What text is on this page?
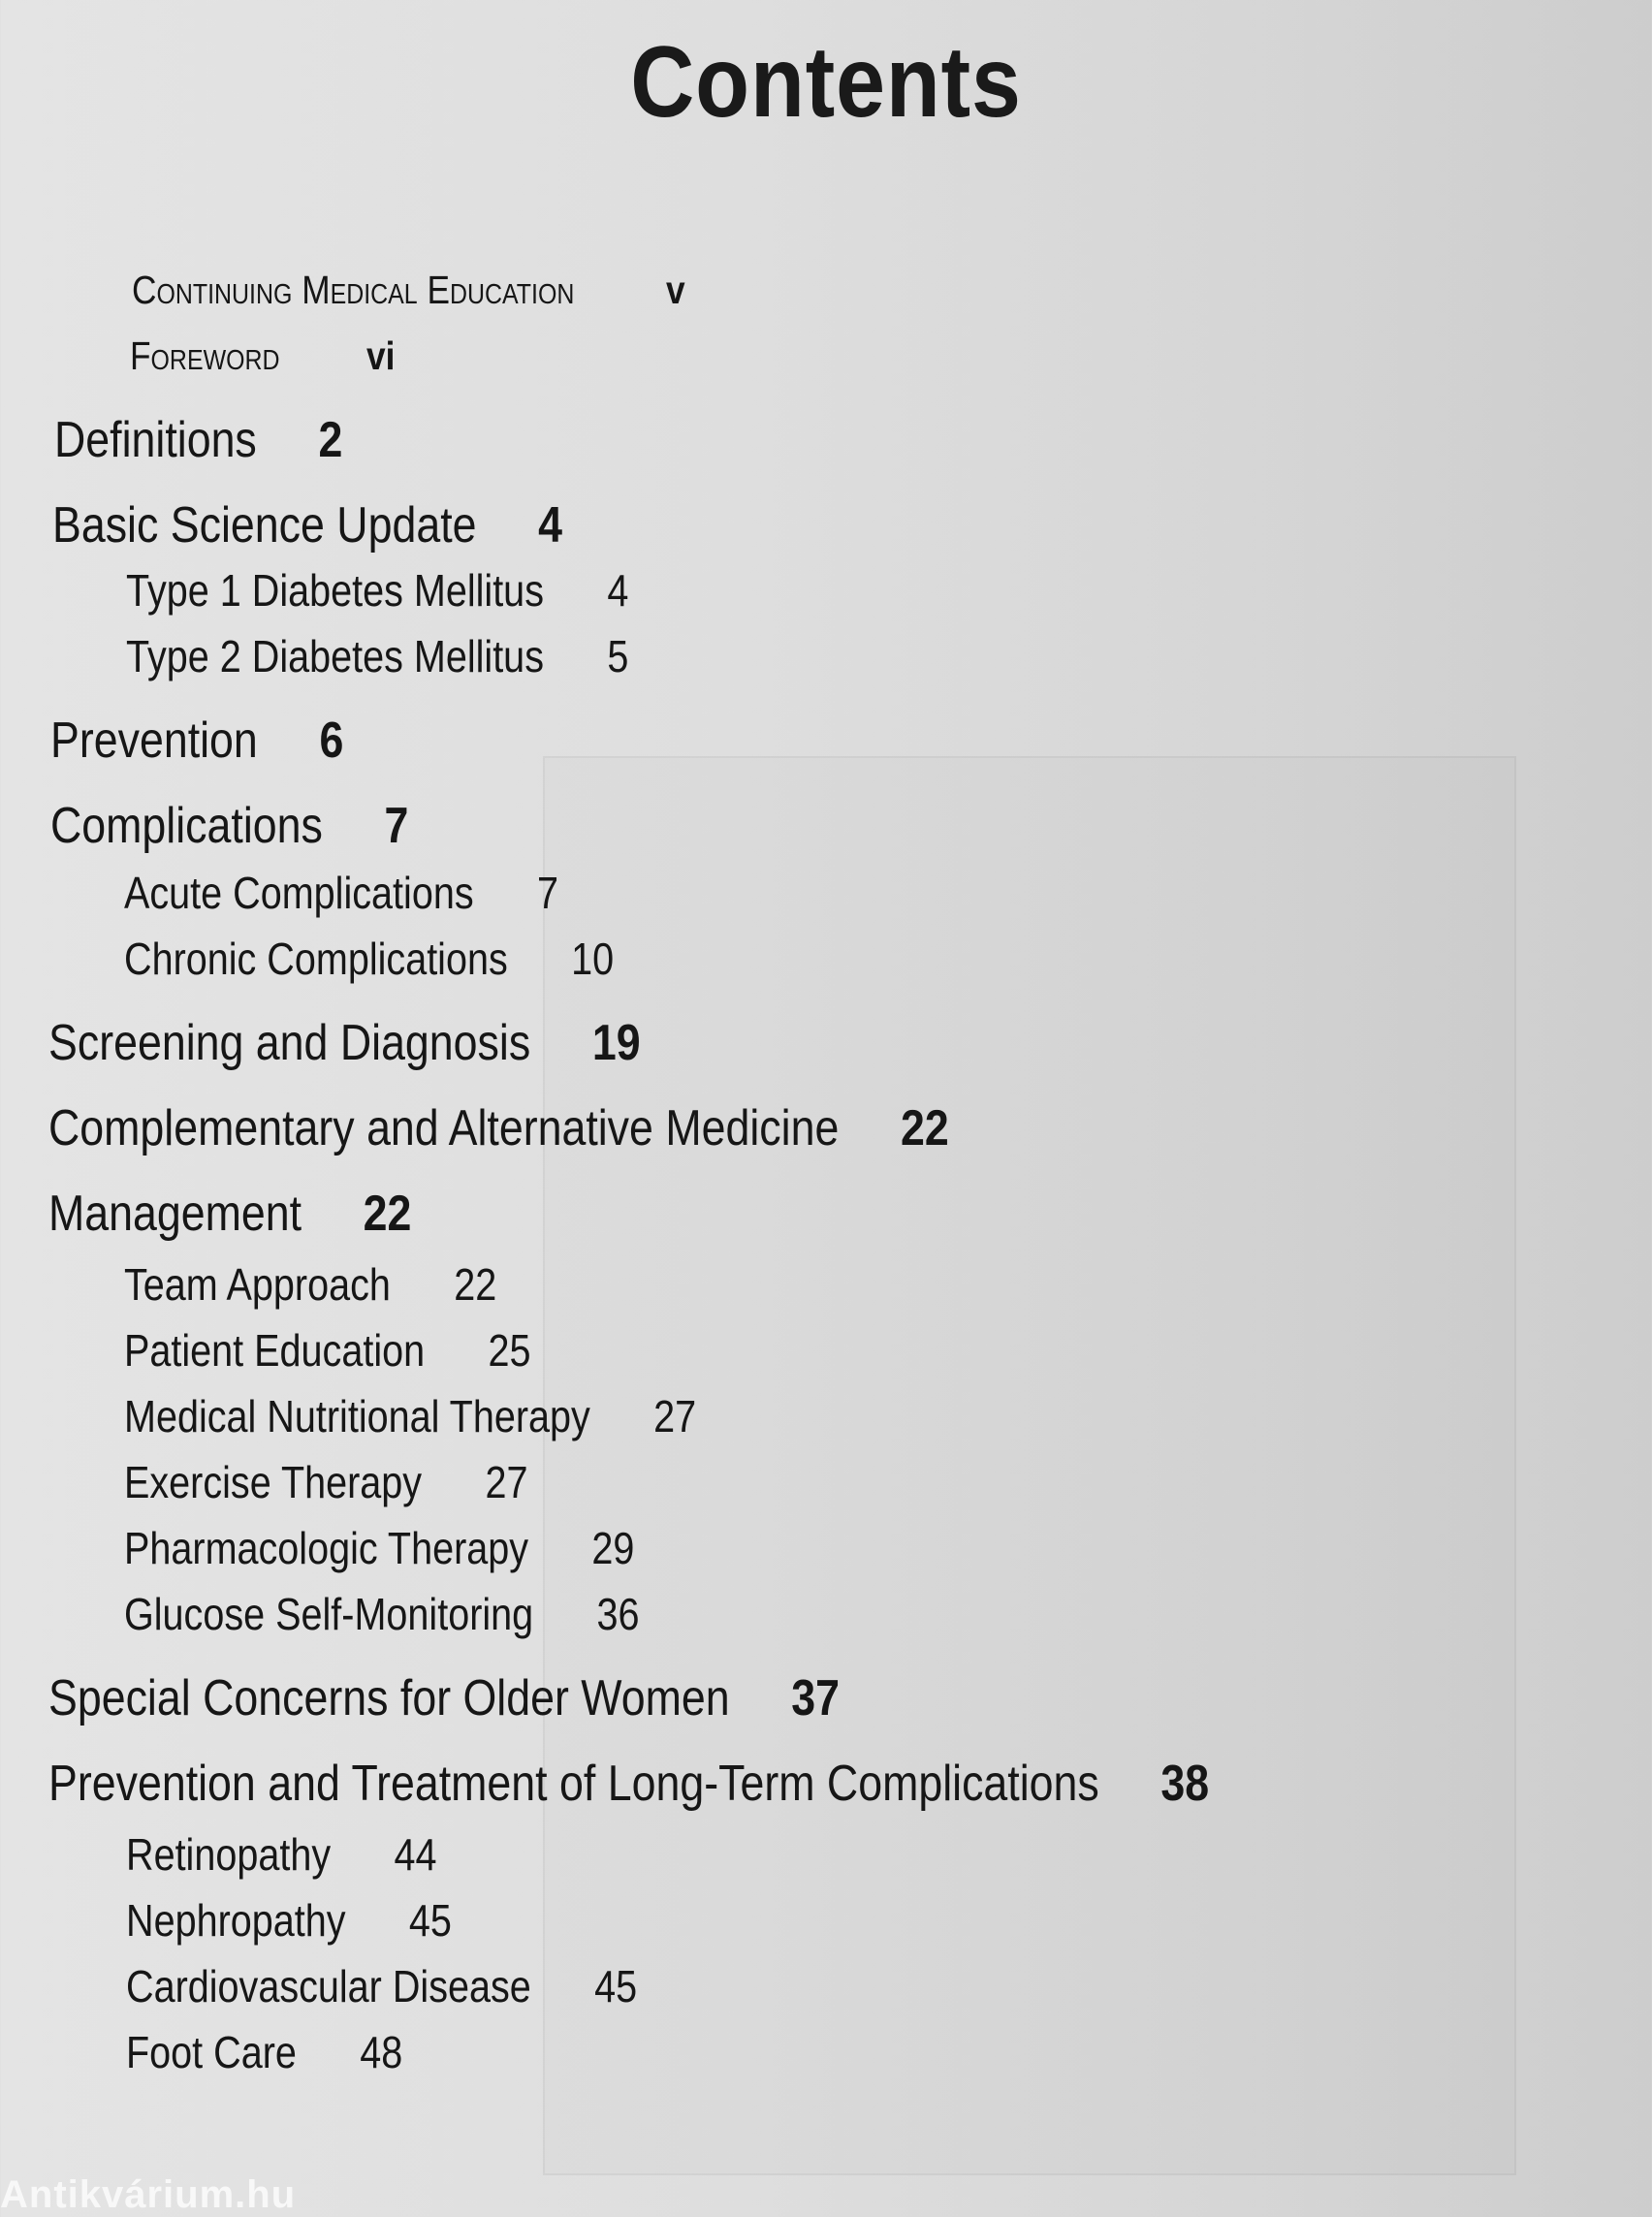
Contents
Continuing Medical Education v
Foreword vi
Definitions 2
Basic Science Update 4
Type 1 Diabetes Mellitus 4
Type 2 Diabetes Mellitus 5
Prevention 6
Complications 7
Acute Complications 7
Chronic Complications 10
Screening and Diagnosis 19
Complementary and Alternative Medicine 22
Management 22
Team Approach 22
Patient Education 25
Medical Nutritional Therapy 27
Exercise Therapy 27
Pharmacologic Therapy 29
Glucose Self-Monitoring 36
Special Concerns for Older Women 37
Prevention and Treatment of Long-Term Complications 38
Retinopathy 44
Nephropathy 45
Cardiovascular Disease 45
Foot Care 48
Antikvárium.hu
